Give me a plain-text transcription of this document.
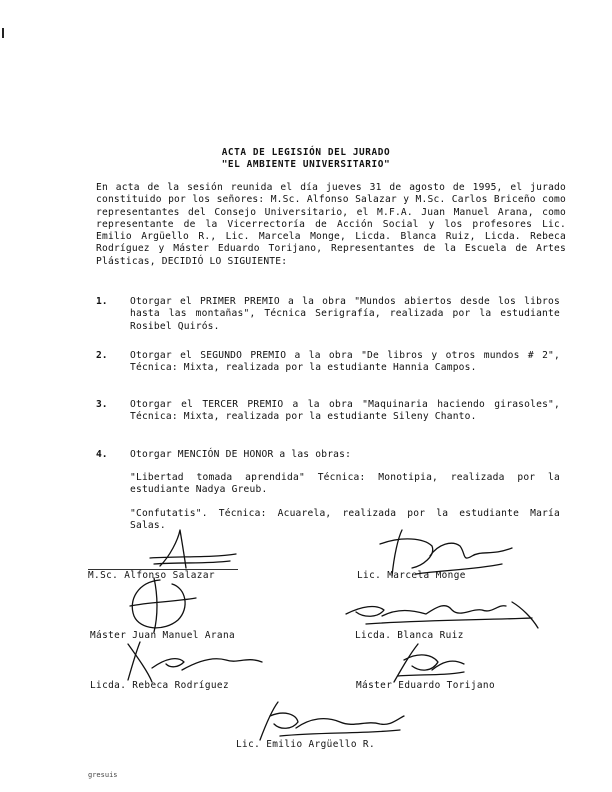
ACTA DE LEGISIÓN DEL JURADO
"EL AMBIENTE UNIVERSITARIO"
En acta de la sesión reunida el día jueves 31 de agosto de 1995, el jurado constituido por los señores: M.Sc. Alfonso Salazar y M.Sc. Carlos Briceño como representantes del Consejo Universitario, el M.F.A. Juan Manuel Arana, como representante de la Vicerrectoría de Acción Social y los profesores Lic. Emilio Argüello R., Lic. Marcela Monge, Licda. Blanca Ruiz, Licda. Rebeca Rodríguez y Máster Eduardo Torijano, Representantes de la Escuela de Artes Plásticas, DECIDIÓ LO SIGUIENTE:
1. Otorgar el PRIMER PREMIO a la obra "Mundos abiertos desde los libros hasta las montañas", Técnica Serigrafía, realizada por la estudiante Rosibel Quirós.
2. Otorgar el SEGUNDO PREMIO a la obra "De libros y otros mundos # 2", Técnica: Mixta, realizada por la estudiante Hannia Campos.
3. Otorgar el TERCER PREMIO a la obra "Maquinaria haciendo girasoles", Técnica: Mixta, realizada por la estudiante Sileny Chanto.
4. Otorgar MENCIÓN DE HONOR a las obras:
"Libertad tomada aprendida" Técnica: Monotipia, realizada por la estudiante Nadya Greub.
"Confutatis". Técnica: Acuarela, realizada por la estudiante María Salas.
M.Sc. Alfonso Salazar	Lic. Marcela Monge
Máster Juan Manuel Arana	Licda. Blanca Ruiz
Licda. Rebeca Rodríguez	Máster Eduardo Torijano
Lic. Emilio Argüello R.
gresuis
